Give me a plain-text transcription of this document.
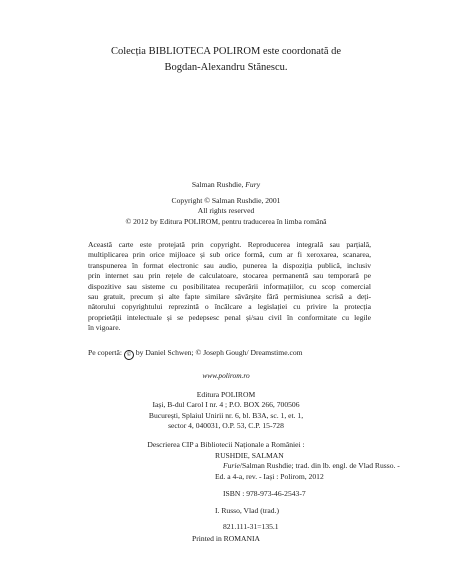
Colecția BIBLIOTECA POLIROM este coordonată de
Bogdan-Alexandru Stănescu.
Salman Rushdie, Fury
Copyright © Salman Rushdie, 2001
All rights reserved
© 2012 by Editura POLIROM, pentru traducerea în limba română
Această carte este protejată prin copyright. Reproducerea integrală sau parțială,
multiplicarea prin orice mijloace și sub orice formă, cum ar fi xeroxarea, scanarea,
transpunerea în format electronic sau audio, punerea la dispoziția publică, inclusiv
prin internet sau prin rețele de calculatoare, stocarea permanentă sau temporară pe
dispozitive sau sisteme cu posibilitatea recuperării informațiilor, cu scop comercial
sau gratuit, precum și alte fapte similare săvârșite fără permisiunea scrisă a deți-
nătorului copyrightului reprezintă o încălcare a legislației cu privire la protecția
proprietății intelectuale și se pedepsesc penal și/sau civil în conformitate cu legile
în vigoare.
Pe copertă: © by Daniel Schwen; © Joseph Gough/ Dreamstime.com
www.polirom.ro
Editura POLIROM
Iași, B-dul Carol I nr. 4 ; P.O. BOX 266, 700506
București, Splaiul Unirii nr. 6, bl. B3A, sc. 1, et. 1,
sector 4, 040031, O.P. 53, C.P. 15-728
Descrierea CIP a Bibliotecii Naționale a României :
RUSHDIE, SALMAN
Furie/Salman Rushdie; trad. din lb. engl. de Vlad Russo. -
Ed. a 4-a, rev. - Iași : Polirom, 2012
ISBN : 978-973-46-2543-7
I. Russo, Vlad (trad.)
821.111-31=135.1
Printed in ROMANIA
